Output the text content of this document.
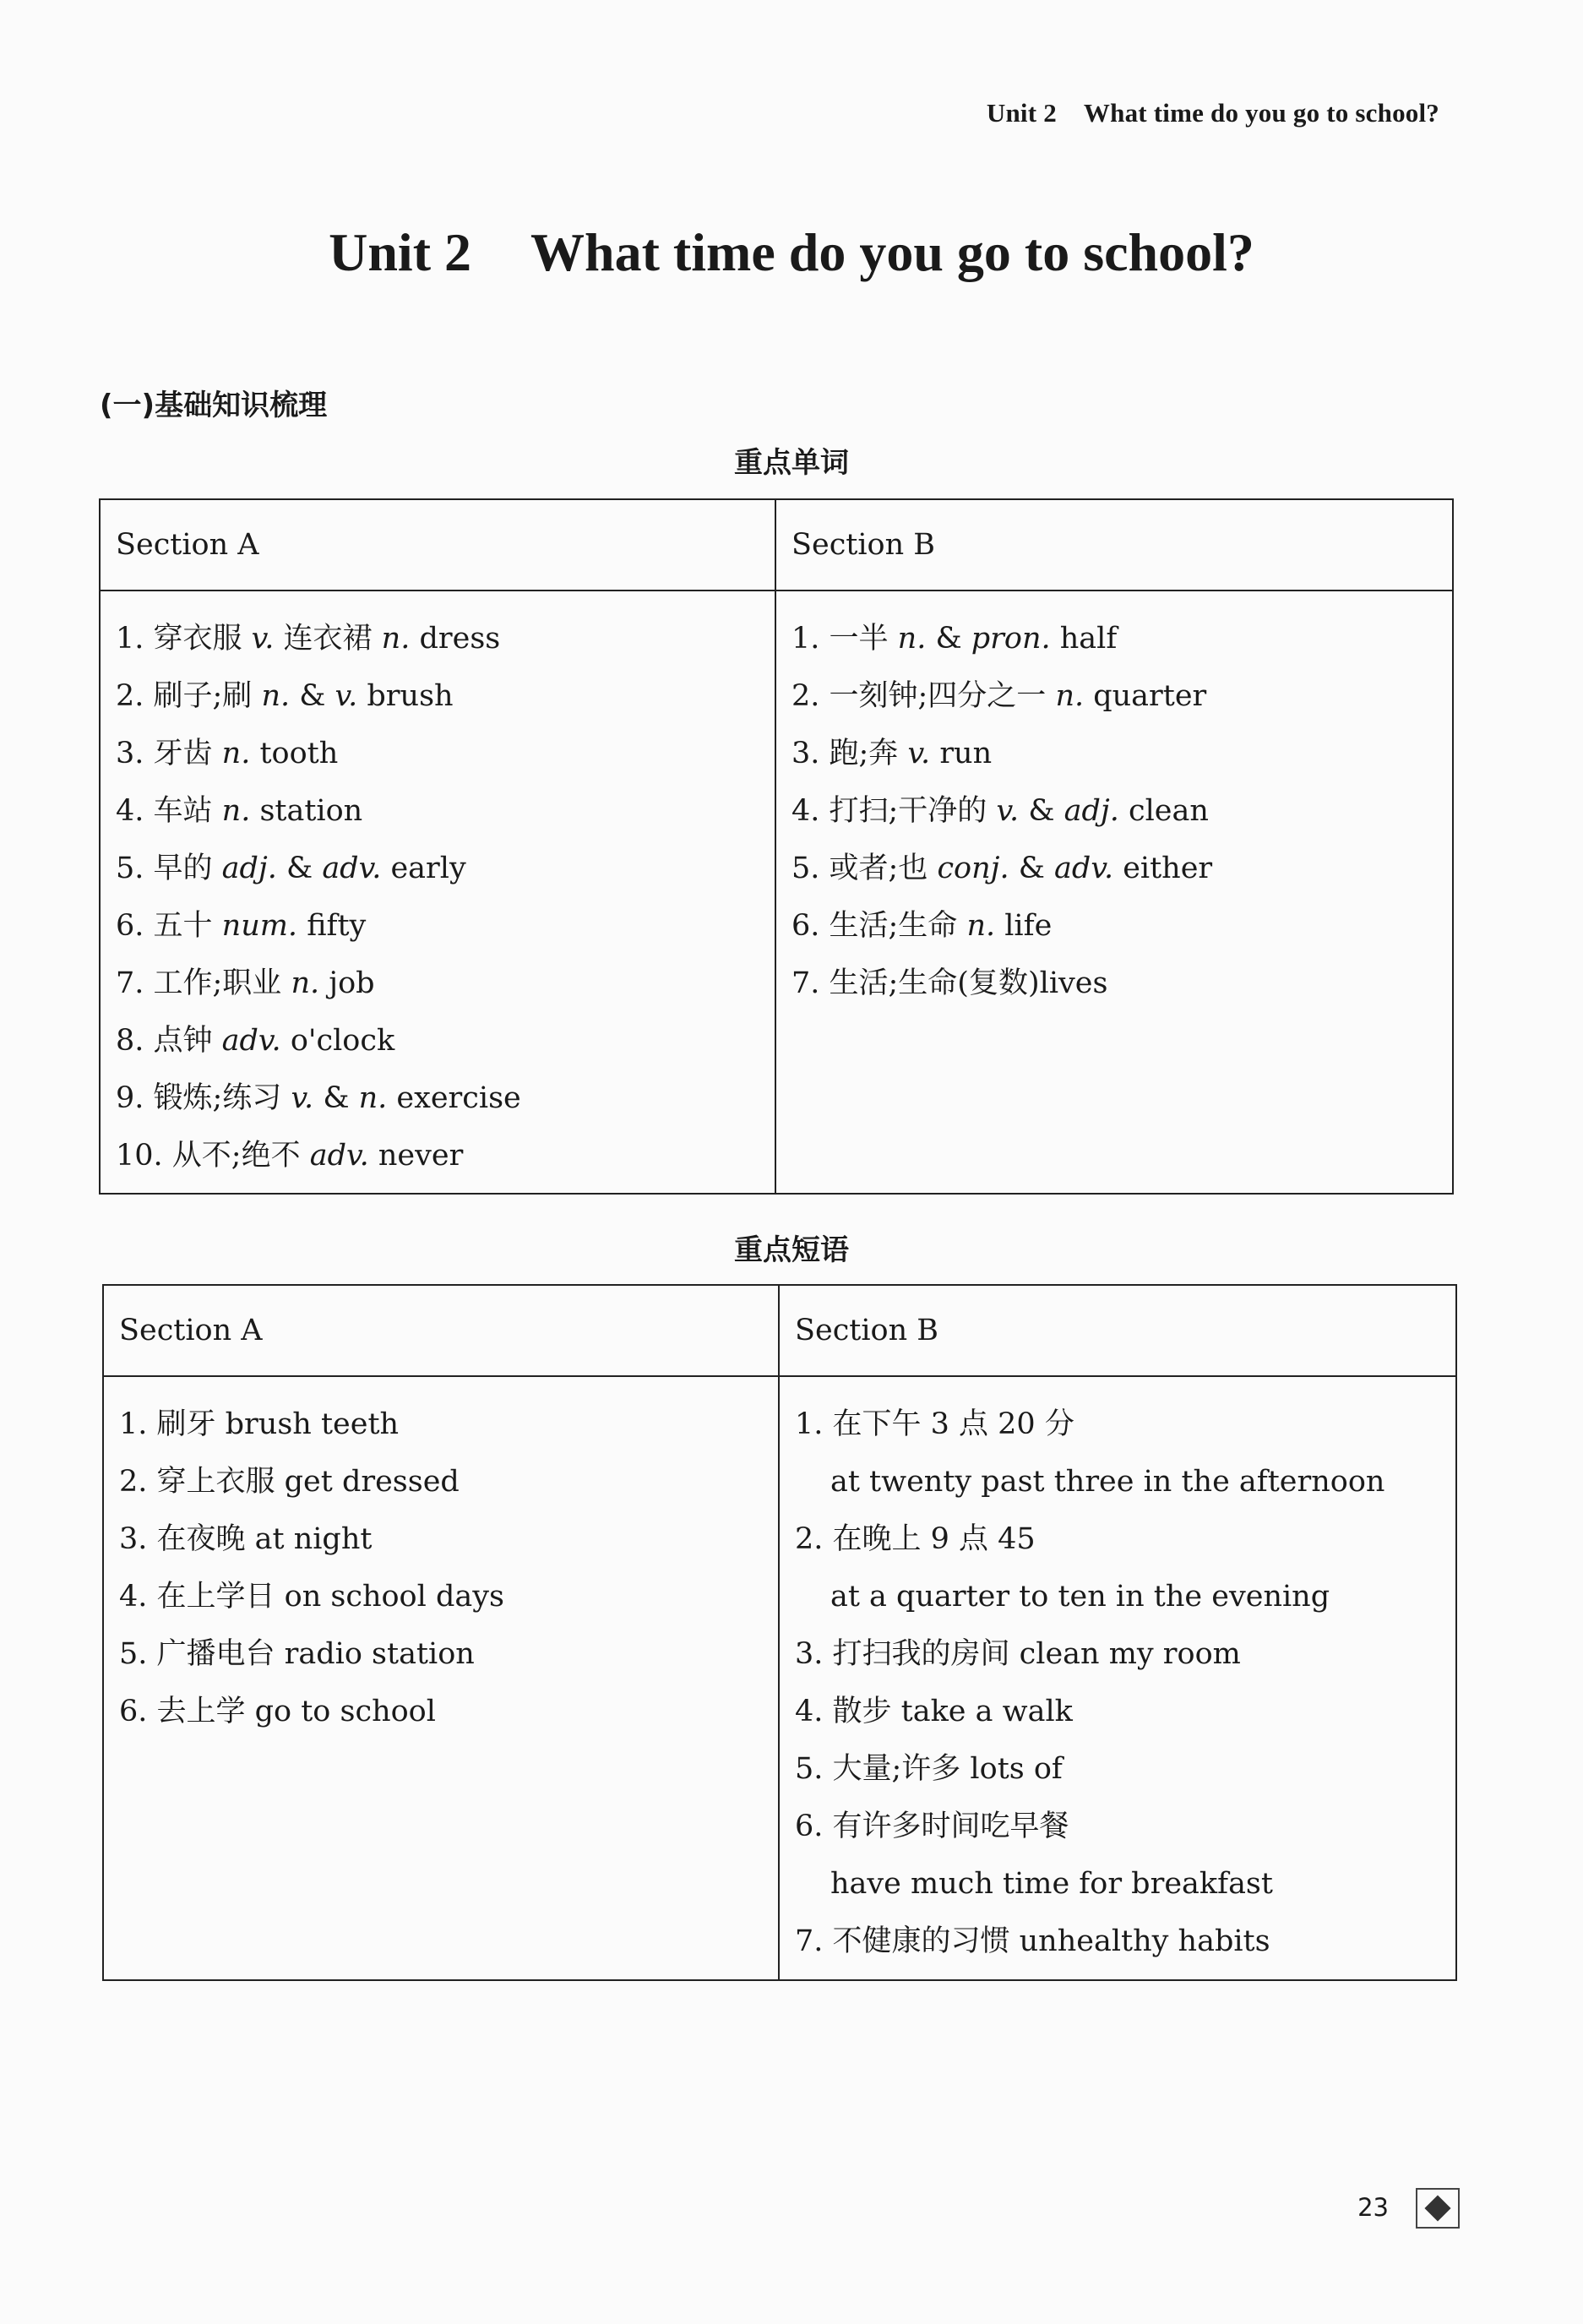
Unit 2 What time do you go to school?
Unit 2 What time do you go to school?
(一)基础知识梳理
重点单词
Section A	Section B
1. 穿衣服 v. 连衣裙 n. dress
2. 刷子;刷 n. & v. brush
3. 牙齿 n. tooth
4. 车站 n. station
5. 早的 adj. & adv. early
6. 五十 num. fifty
7. 工作;职业 n. job
8. 点钟 adv. o'clock
9. 锻炼;练习 v. & n. exercise
10. 从不;绝不 adv. never
1. 一半 n. & pron. half
2. 一刻钟;四分之一 n. quarter
3. 跑;奔 v. run
4. 打扫;干净的 v. & adj. clean
5. 或者;也 conj. & adv. either
6. 生活;生命 n. life
7. 生活;生命(复数)lives
重点短语
Section A	Section B
1. 刷牙 brush teeth
2. 穿上衣服 get dressed
3. 在夜晚 at night
4. 在上学日 on school days
5. 广播电台 radio station
6. 去上学 go to school
1. 在下午 3 点 20 分
at twenty past three in the afternoon
2. 在晚上 9 点 45
at a quarter to ten in the evening
3. 打扫我的房间 clean my room
4. 散步 take a walk
5. 大量;许多 lots of
6. 有许多时间吃早餐
have much time for breakfast
7. 不健康的习惯 unhealthy habits
23
